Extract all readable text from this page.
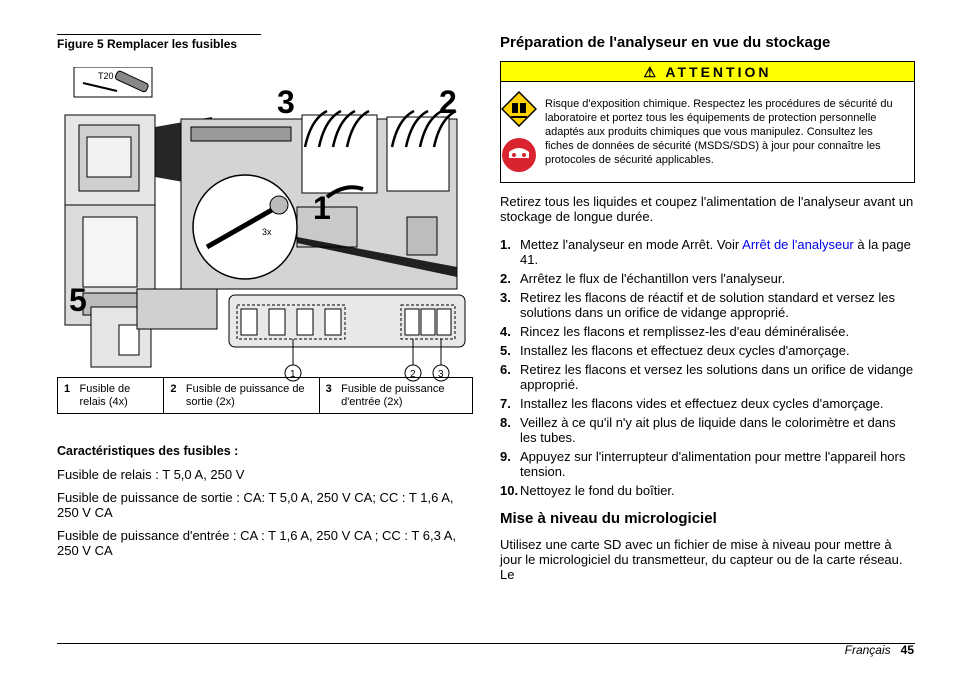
Figure 5 Remplacer les fusibles
T20
3	2
1
5
3x
1	2 3
1	Fusible de relais (4x)	2	Fusible de puissance de sortie (2x)	3	Fusible de puissance d'entrée (2x)
Caractéristiques des fusibles :

Fusible de relais : T 5,0 A, 250 V

Fusible de puissance de sortie : CA: T 5,0 A, 250 V CA; CC : T 1,6 A, 250 V CA

Fusible de puissance d'entrée : CA : T 1,6 A, 250 V CA ; CC : T 6,3 A, 250 V CA

Préparation de l'analyseur en vue du stockage
⚠ ATTENTION
Risque d'exposition chimique. Respectez les procédures de sécurité du laboratoire et portez tous les équipements de protection personnelle adaptés aux produits chimiques que vous manipulez. Consultez les fiches de données de sécurité (MSDS/SDS) à jour pour connaître les protocoles de sécurité applicables.

Retirez tous les liquides et coupez l'alimentation de l'analyseur avant un stockage de longue durée.

1. Mettez l'analyseur en mode Arrêt. Voir Arrêt de l'analyseur à la page 41.
2. Arrêtez le flux de l'échantillon vers l'analyseur.
3. Retirez les flacons de réactif et de solution standard et versez les solutions dans un orifice de vidange approprié.
4. Rincez les flacons et remplissez-les d'eau déminéralisée.
5. Installez les flacons et effectuez deux cycles d'amorçage.
6. Retirez les flacons et versez les solutions dans un orifice de vidange approprié.
7. Installez les flacons vides et effectuez deux cycles d'amorçage.
8. Veillez à ce qu'il n'y ait plus de liquide dans le colorimètre et dans les tubes.
9. Appuyez sur l'interrupteur d'alimentation pour mettre l'appareil hors tension.
10. Nettoyez le fond du boîtier.
Mise à niveau du micrologiciel

Utilisez une carte SD avec un fichier de mise à niveau pour mettre à jour le micrologiciel du transmetteur, du capteur ou de la carte réseau. Le

Français 45
